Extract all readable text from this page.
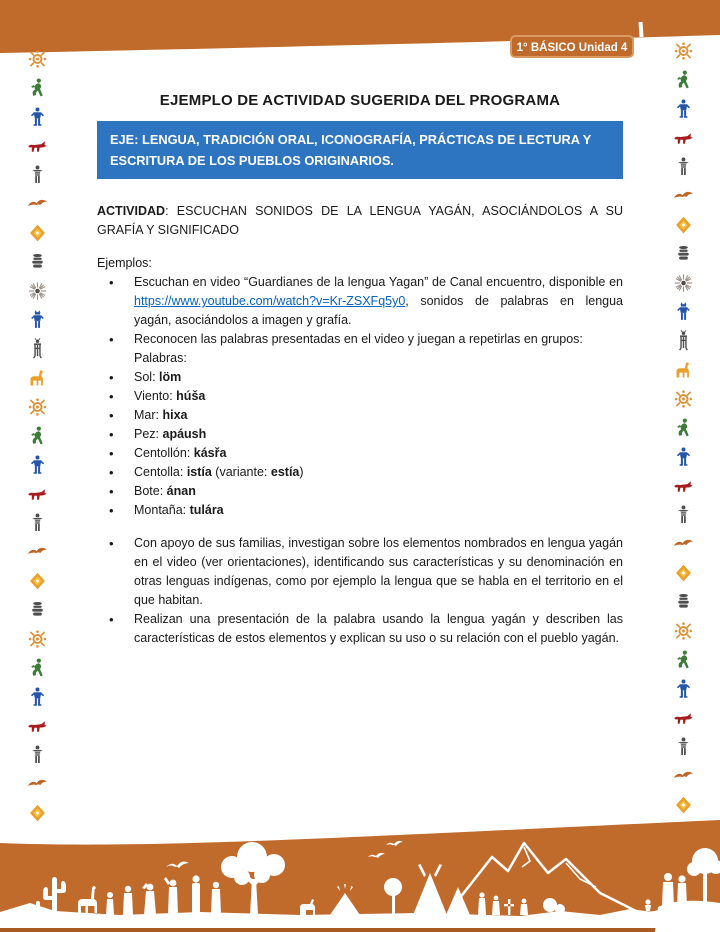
1° BÁSICO Unidad 4
EJEMPLO DE ACTIVIDAD SUGERIDA DEL PROGRAMA
EJE: LENGUA, TRADICIÓN ORAL, ICONOGRAFÍA, PRÁCTICAS DE LECTURA Y ESCRITURA DE LOS PUEBLOS ORIGINARIOS.

ACTIVIDAD: ESCUCHAN SONIDOS DE LA LENGUA YAGÁN, ASOCIÁNDOLOS A SU GRAFÍA Y SIGNIFICADO

Ejemplos:

• Escuchan en video “Guardianes de la lengua Yagan” de Canal encuentro, disponible en https://www.youtube.com/watch?v=Kr-ZSXFq5y0, sonidos de palabras en lengua yagán, asociándolos a imagen y grafía.
• Reconocen las palabras presentadas en el video y juegan a repetirlas en grupos:
Palabras:
• Sol: löm
• Viento: húša
• Mar: hixa
• Pez: apáush
• Centollón: kásřa
• Centolla: istía (variante: estía)
• Bote: ánan
• Montaña: tulára
• Con apoyo de sus familias, investigan sobre los elementos nombrados en lengua yagán en el video (ver orientaciones), identificando sus características y su denominación en otras lenguas indígenas, como por ejemplo la lengua que se habla en el territorio en el que habitan.
• Realizan una presentación de la palabra usando la lengua yagán y describen las características de estos elementos y explican su uso o su relación con el pueblo yagán.
